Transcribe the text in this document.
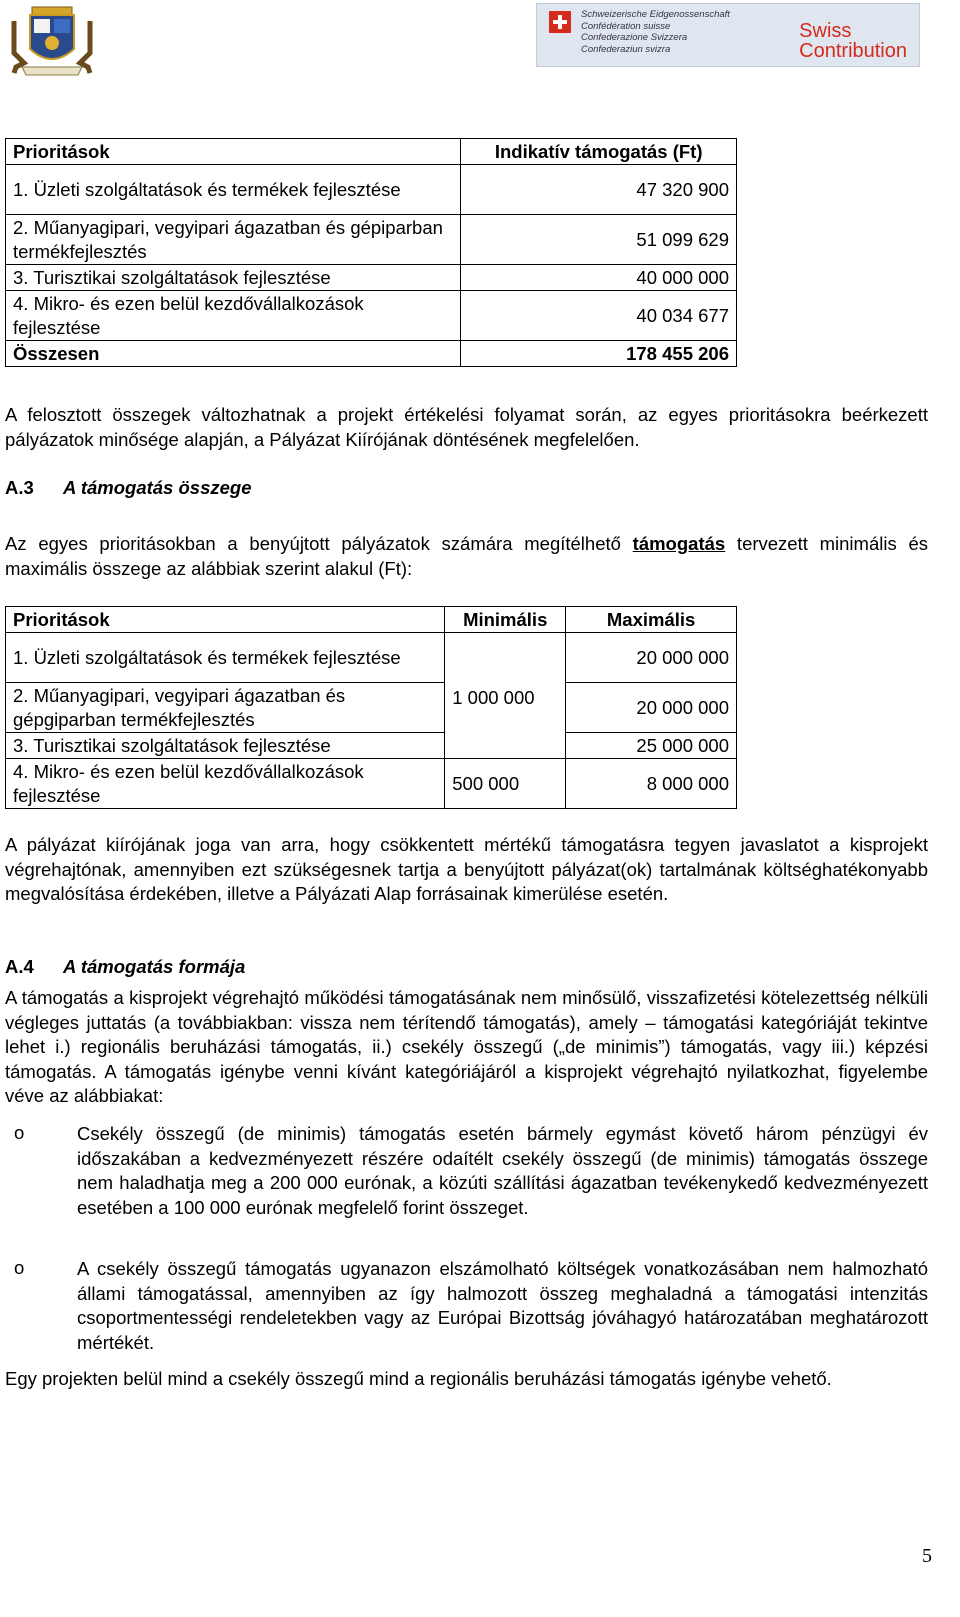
Schweizerische Eidgenossenschaft
Confédération suisse
Confederazione Svizzera
Confederaziun svizra
Swiss
Contribution
Prioritások	Indikatív támogatás (Ft)
1. Üzleti szolgáltatások és termékek fejlesztése	47 320 900
2. Műanyagipari, vegyipari ágazatban és gépiparban termékfejlesztés	51 099 629
3. Turisztikai szolgáltatások fejlesztése	40 000 000
4. Mikro- és ezen belül kezdővállalkozások fejlesztése	40 034 677
Összesen	178 455 206

A felosztott összegek változhatnak a projekt értékelési folyamat során, az egyes prioritásokra beérkezett pályázatok minősége alapján, a Pályázat Kiírójának döntésének megfelelően.

A.3 A támogatás összege

Az egyes prioritásokban a benyújtott pályázatok számára megítélhető támogatás tervezett minimális és maximális összege az alábbiak szerint alakul (Ft):

Prioritások	Minimális	Maximális
1. Üzleti szolgáltatások és termékek fejlesztése	1 000 000	20 000 000
2. Műanyagipari, vegyipari ágazatban és gépgiparban termékfejlesztés		20 000 000
3. Turisztikai szolgáltatások fejlesztése		25 000 000
4. Mikro- és ezen belül kezdővállalkozások fejlesztése	500 000	8 000 000

A pályázat kiírójának joga van arra, hogy csökkentett mértékű támogatásra tegyen javaslatot a kisprojekt végrehajtónak, amennyiben ezt szükségesnek tartja a benyújtott pályázat(ok) tartalmának költséghatékonyabb megvalósítása érdekében, illetve a Pályázati Alap forrásainak kimerülése esetén.

A.4 A támogatás formája

A támogatás a kisprojekt végrehajtó működési támogatásának nem minősülő, visszafizetési kötelezettség nélküli végleges juttatás (a továbbiakban: vissza nem térítendő támogatás), amely – támogatási kategóriáját tekintve lehet i.) regionális beruházási támogatás, ii.) csekély összegű („de minimis”) támogatás, vagy iii.) képzési támogatás. A támogatás igénybe venni kívánt kategóriájáról a kisprojekt végrehajtó nyilatkozhat, figyelembe véve az alábbiakat:

o	Csekély összegű (de minimis) támogatás esetén bármely egymást követő három pénzügyi év időszakában a kedvezményezett részére odaítélt csekély összegű (de minimis) támogatás összege nem haladhatja meg a 200 000 eurónak, a közúti szállítási ágazatban tevékenykedő kedvezményezett esetében a 100 000 eurónak megfelelő forint összeget.
o	A csekély összegű támogatás ugyanazon elszámolható költségek vonatkozásában nem halmozható állami támogatással, amennyiben az így halmozott összeg meghaladná a támogatási intenzitás csoportmentességi rendeletekben vagy az Európai Bizottság jóváhagyó határozatában meghatározott mértékét.

Egy projekten belül mind a csekély összegű mind a regionális beruházási támogatás igénybe vehető.

5
